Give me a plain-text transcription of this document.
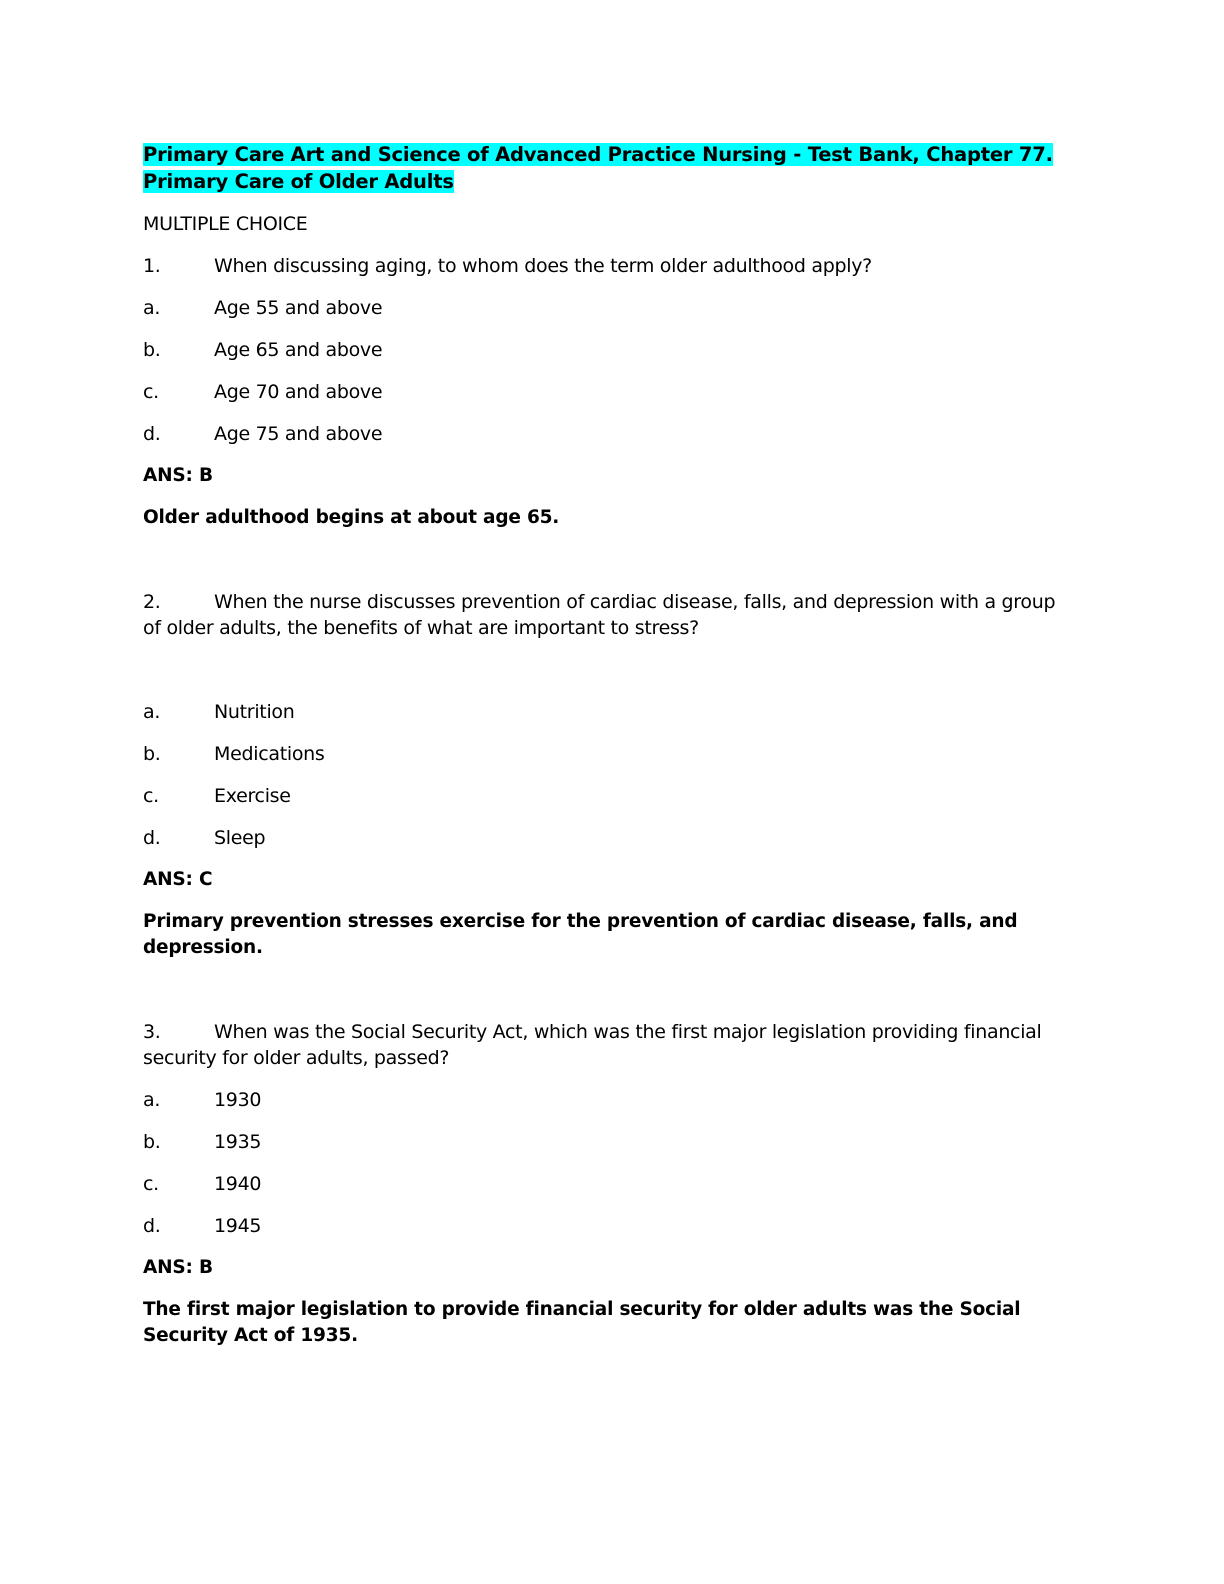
Primary Care Art and Science of Advanced Practice Nursing - Test Bank, Chapter 77. Primary Care of Older Adults

MULTIPLE CHOICE
1.	When discussing aging, to whom does the term older adulthood apply?
a.	Age 55 and above
b.	Age 65 and above
c.	Age 70 and above
d.	Age 75 and above
ANS: B
Older adulthood begins at about age 65.
2.	When the nurse discusses prevention of cardiac disease, falls, and depression with a group of older adults, the benefits of what are important to stress?
a.	Nutrition
b.	Medications
c.	Exercise
d.	Sleep
ANS: C
Primary prevention stresses exercise for the prevention of cardiac disease, falls, and depression.
3.	When was the Social Security Act, which was the first major legislation providing financial security for older adults, passed?
a.	1930
b.	1935
c.	1940
d.	1945
ANS: B
The first major legislation to provide financial security for older adults was the Social Security Act of 1935.
